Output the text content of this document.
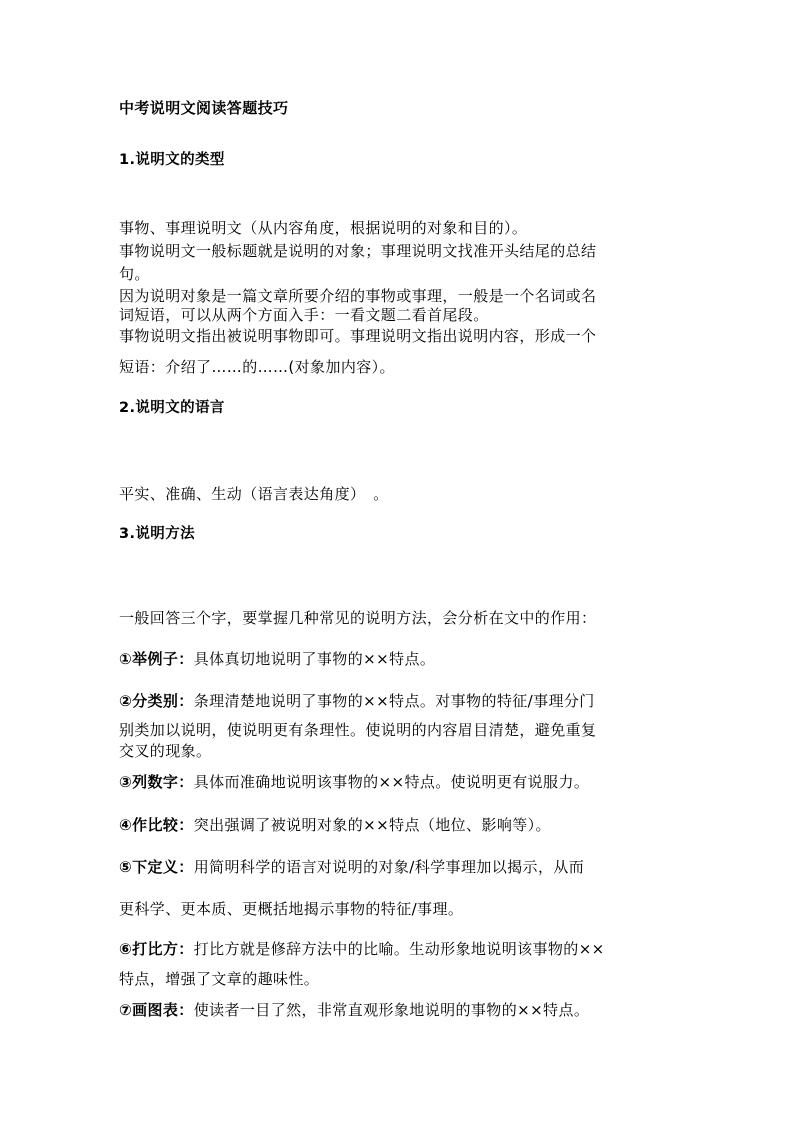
中考说明文阅读答题技巧
1.说明文的类型
事物、事理说明文（从内容角度，根据说明的对象和目的）。
事物说明文一般标题就是说明的对象；事理说明文找准开头结尾的总结
句。
因为说明对象是一篇文章所要介绍的事物或事理，一般是一个名词或名
词短语，可以从两个方面入手：一看文题二看首尾段。
事物说明文指出被说明事物即可。事理说明文指出说明内容，形成一个
短语：介绍了……的……(对象加内容）。
2.说明文的语言
平实、准确、生动（语言表达角度）　。
3.说明方法
一般回答三个字，要掌握几种常见的说明方法，会分析在文中的作用：
①举例子：具体真切地说明了事物的××特点。
②分类别：条理清楚地说明了事物的××特点。对事物的特征/事理分门
别类加以说明，使说明更有条理性。使说明的内容眉目清楚，避免重复
交叉的现象。
③列数字：具体而准确地说明该事物的××特点。使说明更有说服力。
④作比较：突出强调了被说明对象的××特点（地位、影响等）。
⑤下定义：用简明科学的语言对说明的对象/科学事理加以揭示，从而
更科学、更本质、更概括地揭示事物的特征/事理。
⑥打比方：打比方就是修辞方法中的比喻。生动形象地说明该事物的××
特点，增强了文章的趣味性。
⑦画图表：使读者一目了然，非常直观形象地说明的事物的××特点。
